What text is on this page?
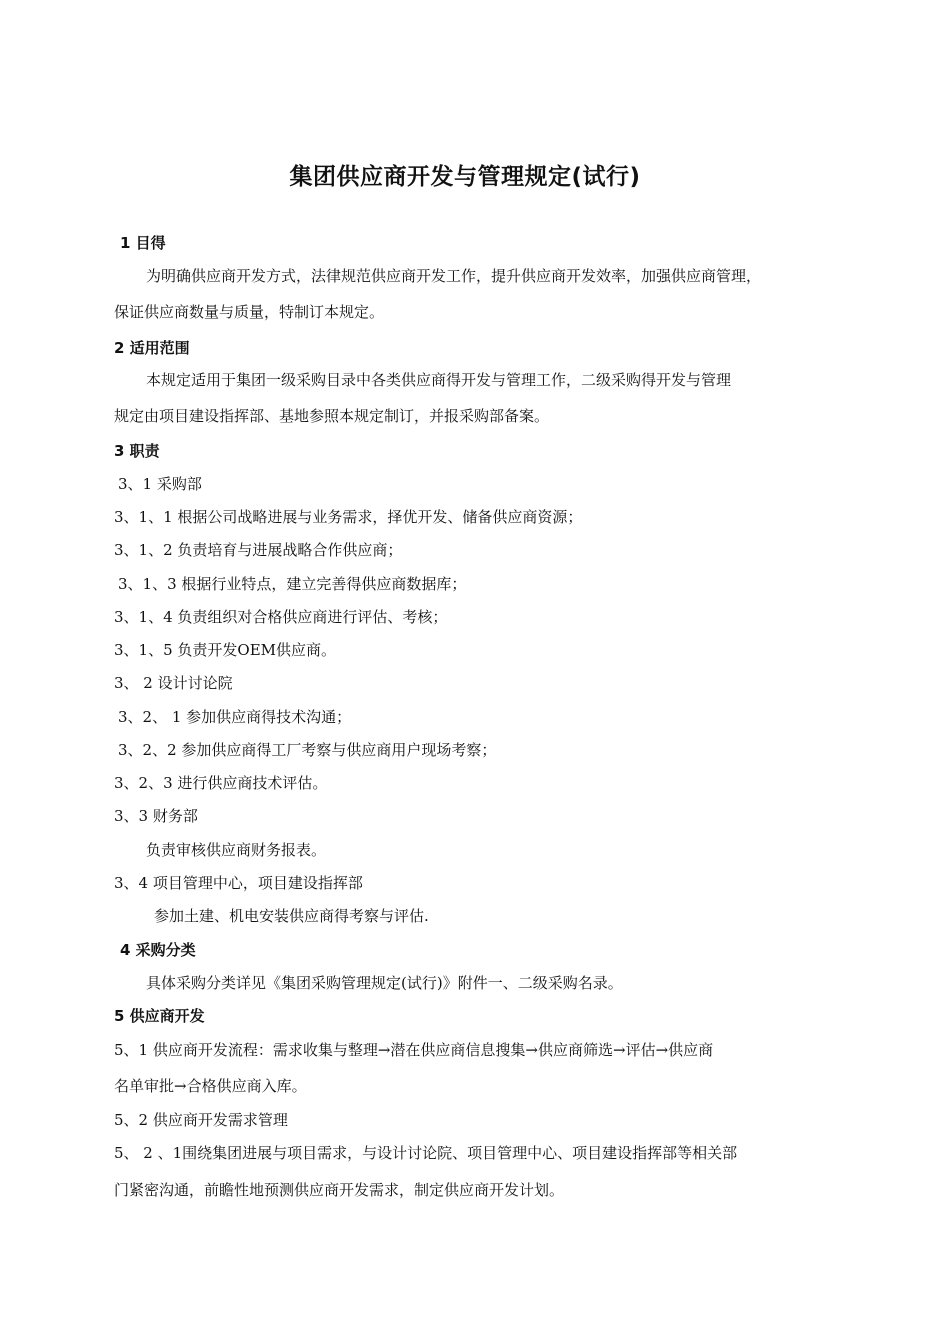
集团供应商开发与管理规定(试行)
1 目得
为明确供应商开发方式，法律规范供应商开发工作，提升供应商开发效率，加强供应商管理，
保证供应商数量与质量，特制订本规定。
2 适用范围
本规定适用于集团一级采购目录中各类供应商得开发与管理工作，二级采购得开发与管理
规定由项目建设指挥部、基地参照本规定制订，并报采购部备案。
3 职责
3、1 采购部
3、1、1 根据公司战略进展与业务需求，择优开发、储备供应商资源；
3、1、2 负责培育与进展战略合作供应商；
3、1、3 根据行业特点，建立完善得供应商数据库；
3、1、4 负责组织对合格供应商进行评估、考核；
3、1、5 负责开发OEM供应商。
3、 2 设计讨论院
3、2、 1 参加供应商得技术沟通；
3、2、2 参加供应商得工厂考察与供应商用户现场考察；
3、2、3 进行供应商技术评估。
3、3 财务部
负责审核供应商财务报表。
3、4 项目管理中心，项目建设指挥部
参加土建、机电安装供应商得考察与评估.
4 采购分类
具体采购分类详见《集团采购管理规定(试行)》附件一、二级采购名录。
5 供应商开发
5、1 供应商开发流程：需求收集与整理→潜在供应商信息搜集→供应商筛选→评估→供应商
名单审批→合格供应商入库。
5、2 供应商开发需求管理
5、 2 、1围绕集团进展与项目需求，与设计讨论院、项目管理中心、项目建设指挥部等相关部
门紧密沟通，前瞻性地预测供应商开发需求，制定供应商开发计划。
